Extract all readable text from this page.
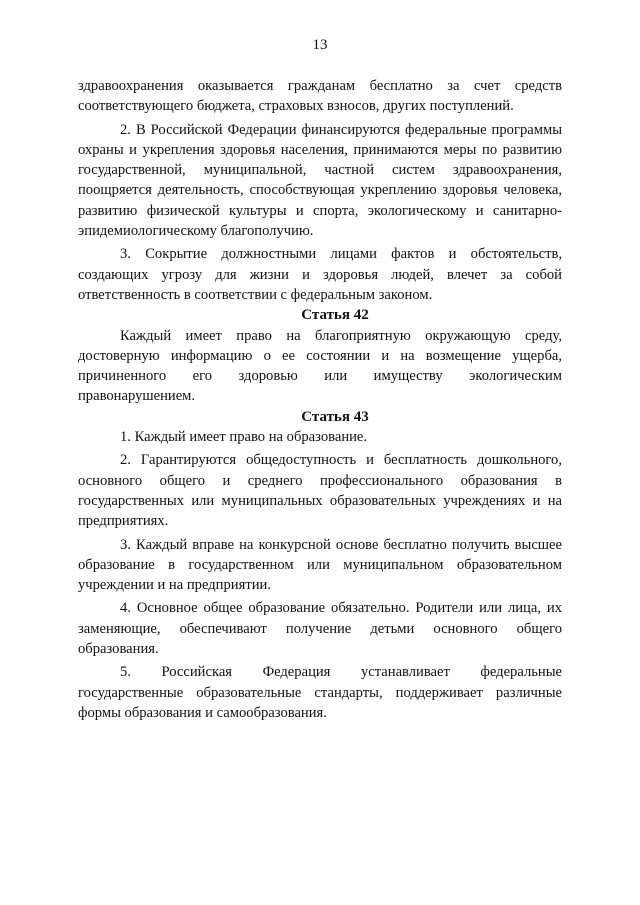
13

здравоохранения оказывается гражданам бесплатно за счет средств соответствующего бюджета, страховых взносов, других поступлений.

2. В Российской Федерации финансируются федеральные программы охраны и укрепления здоровья населения, принимаются меры по развитию государственной, муниципальной, частной систем здравоохранения, поощряется деятельность, способствующая укреплению здоровья человека, развитию физической культуры и спорта, экологическому и санитарно-эпидемиологическому благополучию.

3. Сокрытие должностными лицами фактов и обстоятельств, создающих угрозу для жизни и здоровья людей, влечет за собой ответственность в соответствии с федеральным законом.

Статья 42

Каждый имеет право на благоприятную окружающую среду, достоверную информацию о ее состоянии и на возмещение ущерба, причиненного его здоровью или имуществу экологическим правонарушением.

Статья 43

1. Каждый имеет право на образование.

2. Гарантируются общедоступность и бесплатность дошкольного, основного общего и среднего профессионального образования в государственных или муниципальных образовательных учреждениях и на предприятиях.

3. Каждый вправе на конкурсной основе бесплатно получить высшее образование в государственном или муниципальном образовательном учреждении и на предприятии.

4. Основное общее образование обязательно. Родители или лица, их заменяющие, обеспечивают получение детьми основного общего образования.

5. Российская Федерация устанавливает федеральные государственные образовательные стандарты, поддерживает различные формы образования и самообразования.
